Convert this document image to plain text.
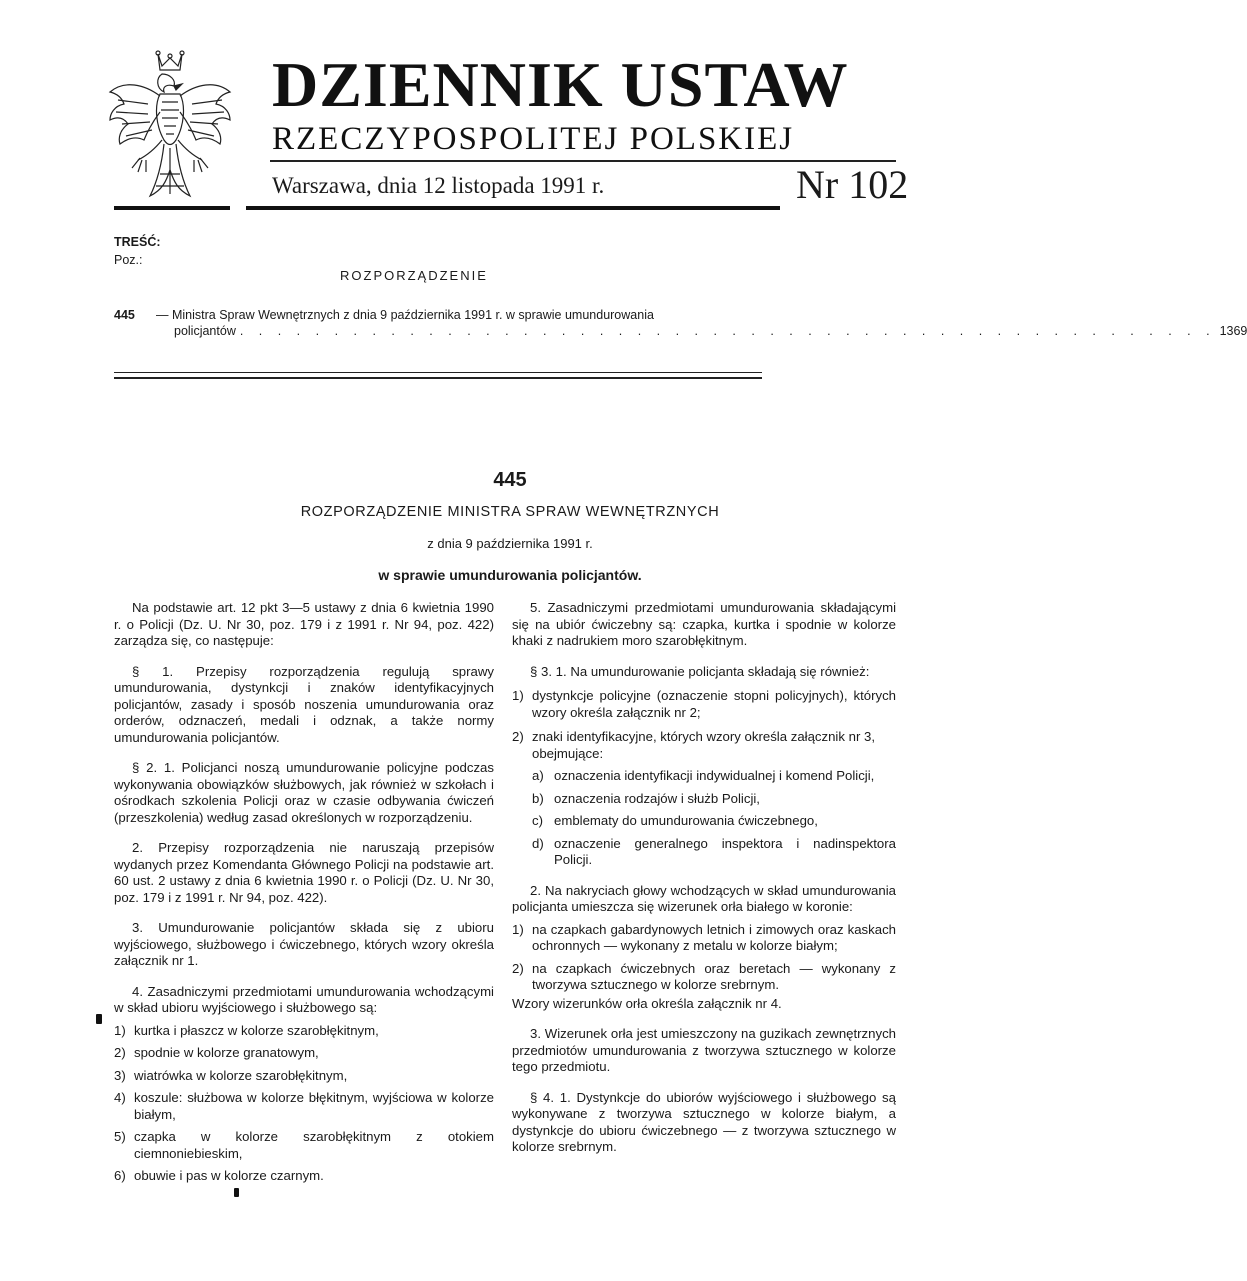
DZIENNIK USTAW
RZECZYPOSPOLITEJ POLSKIEJ
Warszawa, dnia 12 listopada 1991 r.	Nr 102
TREŚĆ:
Poz.:
ROZPORZĄDZENIE
445 — Ministra Spraw Wewnętrznych z dnia 9 października 1991 r. w sprawie umundurowania
policjantów . . . . . . . . . . . . . . . . . . . . . . . . . . . . . . . . . . . . . . . . . . . . . . . . . . . . 1369
445
ROZPORZĄDZENIE MINISTRA SPRAW WEWNĘTRZNYCH
z dnia 9 października 1991 r.
w sprawie umundurowania policjantów.

Na podstawie art. 12 pkt 3—5 ustawy z dnia 6 kwietnia 1990 r. o Policji (Dz. U. Nr 30, poz. 179 i z 1991 r. Nr 94, poz. 422) zarządza się, co następuje:

§ 1. Przepisy rozporządzenia regulują sprawy umundurowania, dystynkcji i znaków identyfikacyjnych policjantów, zasady i sposób noszenia umundurowania oraz orderów, odznaczeń, medali i odznak, a także normy umundurowania policjantów.

§ 2. 1. Policjanci noszą umundurowanie policyjne podczas wykonywania obowiązków służbowych, jak również w szkołach i ośrodkach szkolenia Policji oraz w czasie odbywania ćwiczeń (przeszkolenia) według zasad określonych w rozporządzeniu.

2. Przepisy rozporządzenia nie naruszają przepisów wydanych przez Komendanta Głównego Policji na podstawie art. 60 ust. 2 ustawy z dnia 6 kwietnia 1990 r. o Policji (Dz. U. Nr 30, poz. 179 i z 1991 r. Nr 94, poz. 422).

3. Umundurowanie policjantów składa się z ubioru wyjściowego, służbowego i ćwiczebnego, których wzory określa załącznik nr 1.

4. Zasadniczymi przedmiotami umundurowania wchodzącymi w skład ubioru wyjściowego i służbowego są:

1) kurtka i płaszcz w kolorze szarobłękitnym,
2) spodnie w kolorze granatowym,
3) wiatrówka w kolorze szarobłękitnym,
4) koszule: służbowa w kolorze błękitnym, wyjściowa w kolorze białym,
5) czapka w kolorze szarobłękitnym z otokiem ciemnoniebieskim,
6) obuwie i pas w kolorze czarnym.

5. Zasadniczymi przedmiotami umundurowania składającymi się na ubiór ćwiczebny są: czapka, kurtka i spodnie w kolorze khaki z nadrukiem moro szarobłękitnym.

§ 3. 1. Na umundurowanie policjanta składają się również:

1) dystynkcje policyjne (oznaczenie stopni policyjnych), których wzory określa załącznik nr 2;
2) znaki identyfikacyjne, których wzory określa załącznik nr 3, obejmujące:
a) oznaczenia identyfikacji indywidualnej i komend Policji,
b) oznaczenia rodzajów i służb Policji,
c) emblematy do umundurowania ćwiczebnego,
d) oznaczenie generalnego inspektora i nadinspektora Policji.

2. Na nakryciach głowy wchodzących w skład umundurowania policjanta umieszcza się wizerunek orła białego w koronie:

1) na czapkach gabardynowych letnich i zimowych oraz kaskach ochronnych — wykonany z metalu w kolorze białym;
2) na czapkach ćwiczebnych oraz beretach — wykonany z tworzywa sztucznego w kolorze srebrnym.

Wzory wizerunków orła określa załącznik nr 4.

3. Wizerunek orła jest umieszczony na guzikach zewnętrznych przedmiotów umundurowania z tworzywa sztucznego w kolorze tego przedmiotu.

§ 4. 1. Dystynkcje do ubiorów wyjściowego i służbowego są wykonywane z tworzywa sztucznego w kolorze białym, a dystynkcje do ubioru ćwiczebnego — z tworzywa sztucznego w kolorze srebrnym.
